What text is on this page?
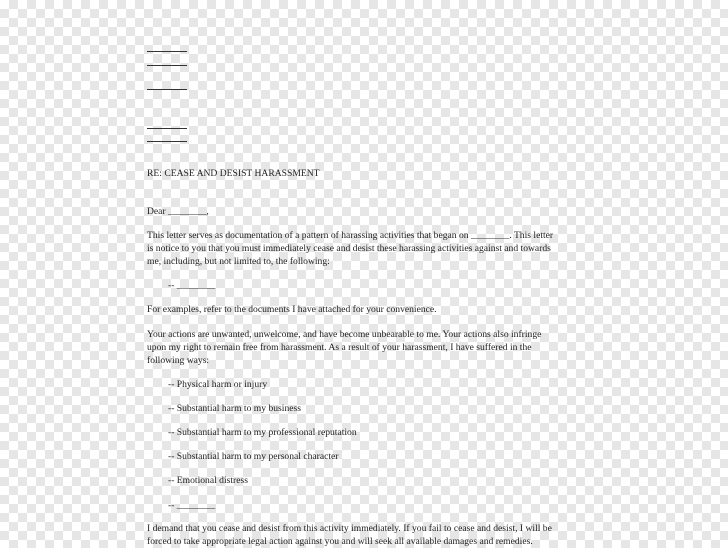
RE: CEASE AND DESIST HARASSMENT
Dear ________,
This letter serves as documentation of a pattern of harassing activities that began on ________. This letter
is notice to you that you must immediately cease and desist these harassing activities against and towards
me, including, but not limited to, the following:
-- ________
For examples, refer to the documents I have attached for your convenience.
Your actions are unwanted, unwelcome, and have become unbearable to me. Your actions also infringe
upon my right to remain free from harassment. As a result of your harassment, I have suffered in the
following ways:
-- Physical harm or injury
-- Substantial harm to my business
-- Substantial harm to my professional reputation
-- Substantial harm to my personal character
-- Emotional distress
-- ________
I demand that you cease and desist from this activity immediately. If you fail to cease and desist, I will be
forced to take appropriate legal action against you and will seek all available damages and remedies.
